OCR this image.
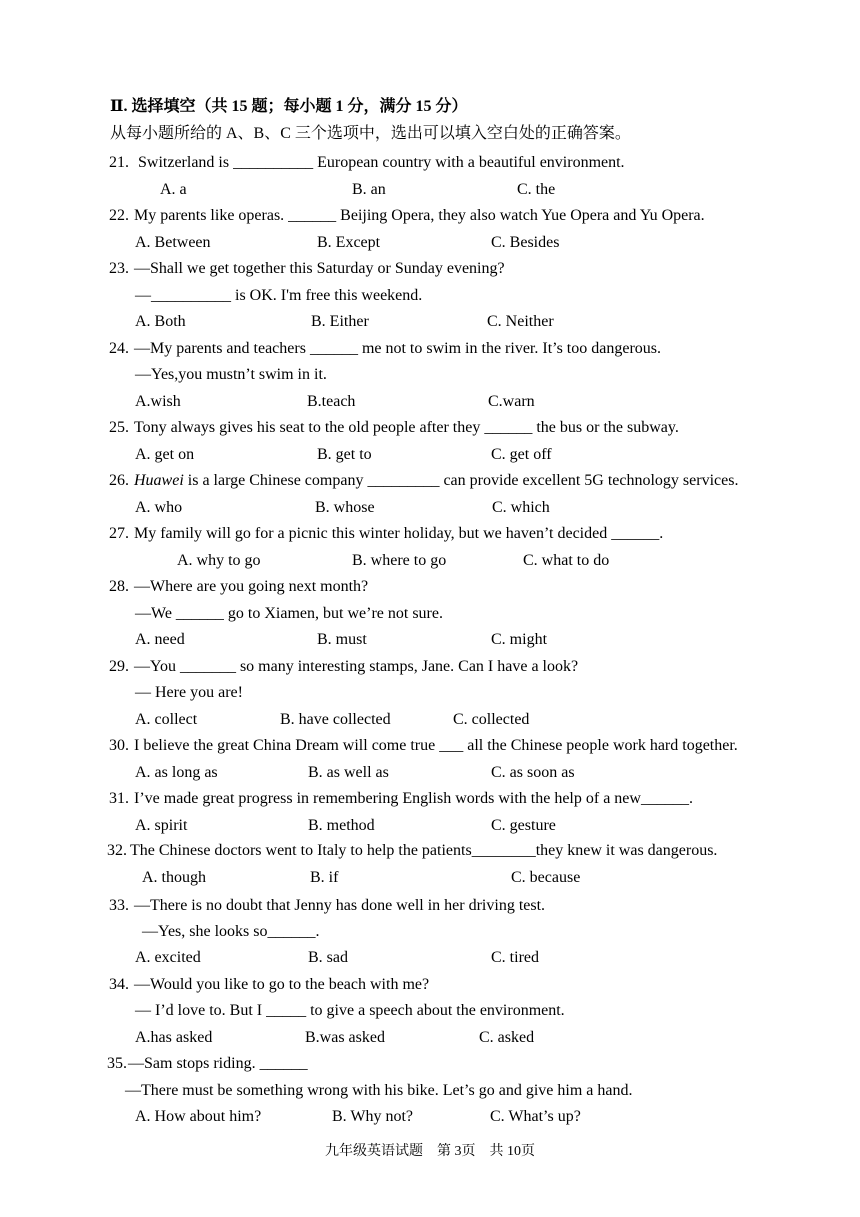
Ⅱ. 选择填空（共 15 题；每小题 1 分，满分 15 分）
从每小题所给的 A、B、C 三个选项中，选出可以填入空白处的正确答案。
21. Switzerland is __________ European country with a beautiful environment.
A. a	B. an	C. the
22. My parents like operas. ______ Beijing Opera, they also watch Yue Opera and Yu Opera.
A. Between	B. Except	C. Besides
23. —Shall we get together this Saturday or Sunday evening?
—__________ is OK. I'm free this weekend.
A. Both	B. Either	C. Neither
24. —My parents and teachers ______ me not to swim in the river. It’s too dangerous.
—Yes,you mustn’t swim in it.
A.wish	B.teach	C.warn
25. Tony always gives his seat to the old people after they ______ the bus or the subway.
A. get on	B. get to	C. get off
26. Huawei is a large Chinese company _________ can provide excellent 5G technology services.
A. who	B. whose	C. which
27. My family will go for a picnic this winter holiday, but we haven’t decided ______.
A. why to go	B. where to go	C. what to do
28. —Where are you going next month?
—We ______ go to Xiamen, but we’re not sure.
A. need	B. must	C. might
29. —You _______ so many interesting stamps, Jane. Can I have a look?
— Here you are!
A. collect	B. have collected	C. collected
30. I believe the great China Dream will come true ___ all the Chinese people work hard together.
A. as long as	B. as well as	C. as soon as
31. I’ve made great progress in remembering English words with the help of a new______.
A. spirit	B. method	C. gesture
32. The Chinese doctors went to Italy to help the patients________they knew it was dangerous.
A. though	B. if	C. because
33. —There is no doubt that Jenny has done well in her driving test.
—Yes, she looks so______.
A. excited	B. sad	C. tired
34. —Would you like to go to the beach with me?
— I’d love to. But I _____ to give a speech about the environment.
A.has asked	B.was asked	C. asked
35. —Sam stops riding. ______
—There must be something wrong with his bike. Let’s go and give him a hand.
A. How about him?	B. Why not?	C. What’s up?
九年级英语试题　第 3页　共 10页
